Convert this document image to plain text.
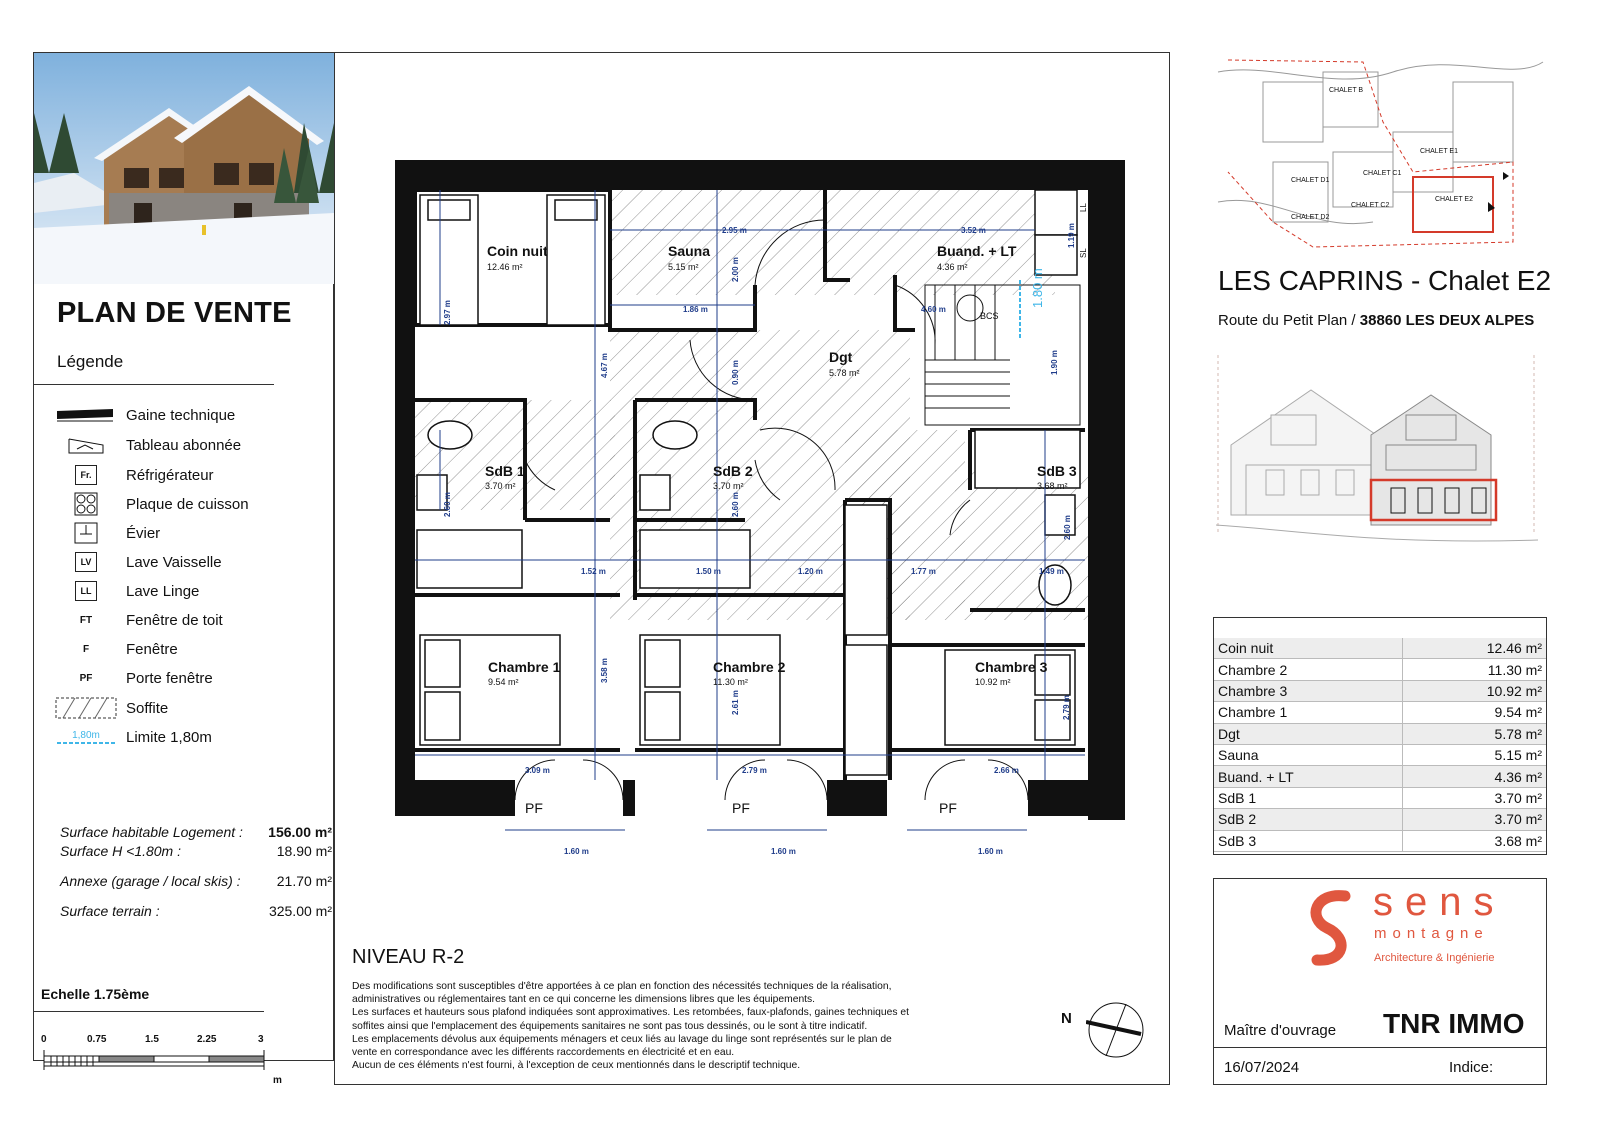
PLAN DE VENTE
Légende
Gaine technique
Tableau abonnée
Fr.	Réfrigérateur
Plaque de cuisson
Évier
LV	Lave Vaisselle
LL	Lave Linge
FT Fenêtre de toit
F Fenêtre
PF Porte fenêtre
Soffite
1,80m Limite 1,80m
Surface habitable Logement : 156.00 m²
Surface H <1.80m :	18.90 m²
Annexe (garage / local skis) :	21.70 m²
Surface terrain :	325.00 m²
Echelle 1.75ème
0	0.75	1.5	2.25	3
m
Coin nuit
12.46 m²
Sauna
5.15 m²
Buand. + LT
4.36 m²
Dgt
5.78 m²
SdB 1
3.70 m²
SdB 2
3.70 m²
SdB 3
3.68 m²
Chambre 1
9.54 m²
Chambre 2
11.30 m²
Chambre 3
10.92 m²
2.95 m	3.52 m
1.86 m	4.60 m
1.80 m
2.97 m
4.67 m
2.00 m
0.90 m	1.90 m
1.19 m
2.60 m	2.60 m
2.60 m
1.52 m	1.50 m	1.20 m	1.77 m	1.49 m
3.58 m
2.61 m	2.79 m
3.09 m	2.79 m	2.66 m
1.60 m	1.60 m	1.60 m
PF	PF	PF
LL
SL
BCS
NIVEAU R-2
Des modifications sont susceptibles d'être apportées à ce plan en fonction des nécessités techniques de la réalisation,
administratives ou réglementaires tant en ce qui concerne les dimensions libres que les équipements.
Les surfaces et hauteurs sous plafond indiquées sont approximatives. Les retombées, faux-plafonds, gaines techniques et
soffites ainsi que l'emplacement des équipements sanitaires ne sont pas tous dessinés, ou le sont à titre indicatif.
Les emplacements dévolus aux équipements ménagers et ceux liés au lavage du linge sont représentés sur le plan de
vente en correspondance avec les différents raccordements en électricité et en eau.
Aucun de ces éléments n'est fourni, à l'exception de ceux mentionnés dans le descriptif technique.
N
CHALET B
CHALET E1
CHALET C1
CHALET D1
CHALET C2
CHALET D2
CHALET E2
LES CAPRINS - Chalet E2
Route du Petit Plan / 38860 LES DEUX ALPES
Coin nuit	12.46 m²
Chambre 2	11.30 m²
Chambre 3	10.92 m²
Chambre 1	9.54 m²
Dgt	5.78 m²
Sauna	5.15 m²
Buand. + LT	4.36 m²
SdB 1	3.70 m²
SdB 2	3.70 m²
SdB 3	3.68 m²
sens
montagne
Architecture & Ingénierie
Maître d'ouvrage TNR IMMO
16/07/2024	Indice:
